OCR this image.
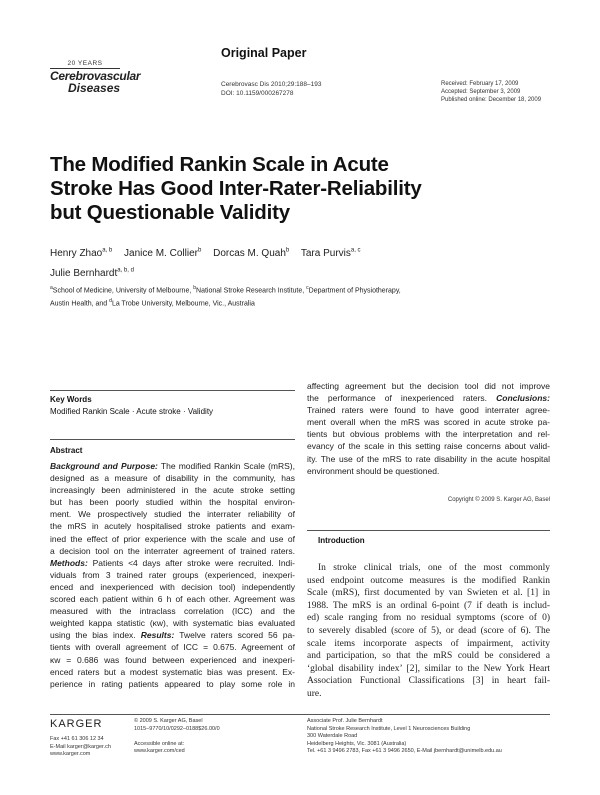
20 YEARS
Cerebrovascular
Diseases
Original Paper
Cerebrovasc Dis 2010;29:188–193
DOI: 10.1159/000267278
Received: February 17, 2009
Accepted: September 3, 2009
Published online: December 18, 2009
The Modified Rankin Scale in Acute
Stroke Has Good Inter-Rater-Reliability
but Questionable Validity
Henry Zhao$^{a, b}$ Janice M. Collier$^b$ Dorcas M. Quah$^b$ Tara Purvis$^{a, c}$
Julie Bernhardt$^{a, b, d}$
$^a$School of Medicine, University of Melbourne, $^b$National Stroke Research Institute, $^c$Department of Physiotherapy,
Austin Health, and $^d$La Trobe University, Melbourne, Vic., Australia
Key Words
Modified Rankin Scale · Acute stroke · Validity
Abstract
Background and Purpose: The modified Rankin Scale (mRS),
designed as a measure of disability in the community, has
increasingly been administered in the acute stroke setting
but has been poorly studied within the hospital environ-
ment. We prospectively studied the interrater reliability of
the mRS in acutely hospitalised stroke patients and exam-
ined the effect of prior experience with the scale and use of
a decision tool on the interrater agreement of trained raters.
Methods: Patients <4 days after stroke were recruited. Indi-
viduals from 3 trained rater groups (experienced, inexperi-
enced and inexperienced with decision tool) independently
scored each patient within 6 h of each other. Agreement was
measured with the intraclass correlation (ICC) and the
weighted kappa statistic (κw), with systematic bias evaluated
using the bias index. Results: Twelve raters scored 56 pa-
tients with overall agreement of ICC = 0.675. Agreement of
κw = 0.686 was found between experienced and inexperi-
enced raters but a modest systematic bias was present. Ex-
perience in rating patients appeared to play some role in
affecting agreement but the decision tool did not improve
the performance of inexperienced raters. Conclusions:
Trained raters were found to have good interrater agree-
ment overall when the mRS was scored in acute stroke pa-
tients but obvious problems with the interpretation and rel-
evancy of the scale in this setting raise concerns about valid-
ity. The use of the mRS to rate disability in the acute hospital
environment should be questioned.
Copyright © 2009 S. Karger AG, Basel
Introduction
In stroke clinical trials, one of the most commonly
used endpoint outcome measures is the modified Rankin
Scale (mRS), first documented by van Swieten et al. [1] in
1988. The mRS is an ordinal 6-point (7 if death is includ-
ed) scale ranging from no residual symptoms (score of 0)
to severely disabled (score of 5), or dead (score of 6). The
scale items incorporate aspects of impairment, activity
and participation, so that the mRS could be considered a
‘global disability index’ [2], similar to the New York Heart
Association Functional Classifications [3] in heart fail-
ure.
KARGER
Fax +41 61 306 12 34
E-Mail karger@karger.ch
www.karger.com
© 2009 S. Karger AG, Basel
1015–9770/10/0292–0188$26.00/0
Accessible online at:
www.karger.com/ced
Associate Prof. Julie Bernhardt
National Stroke Research Institute, Level 1 Neurosciences Building
300 Waterdale Road
Heidelberg Heights, Vic. 3081 (Australia)
Tel. +61 3 9496 2783, Fax +61 3 9496 2650, E-Mail jbernhardt@unimelb.edu.au
